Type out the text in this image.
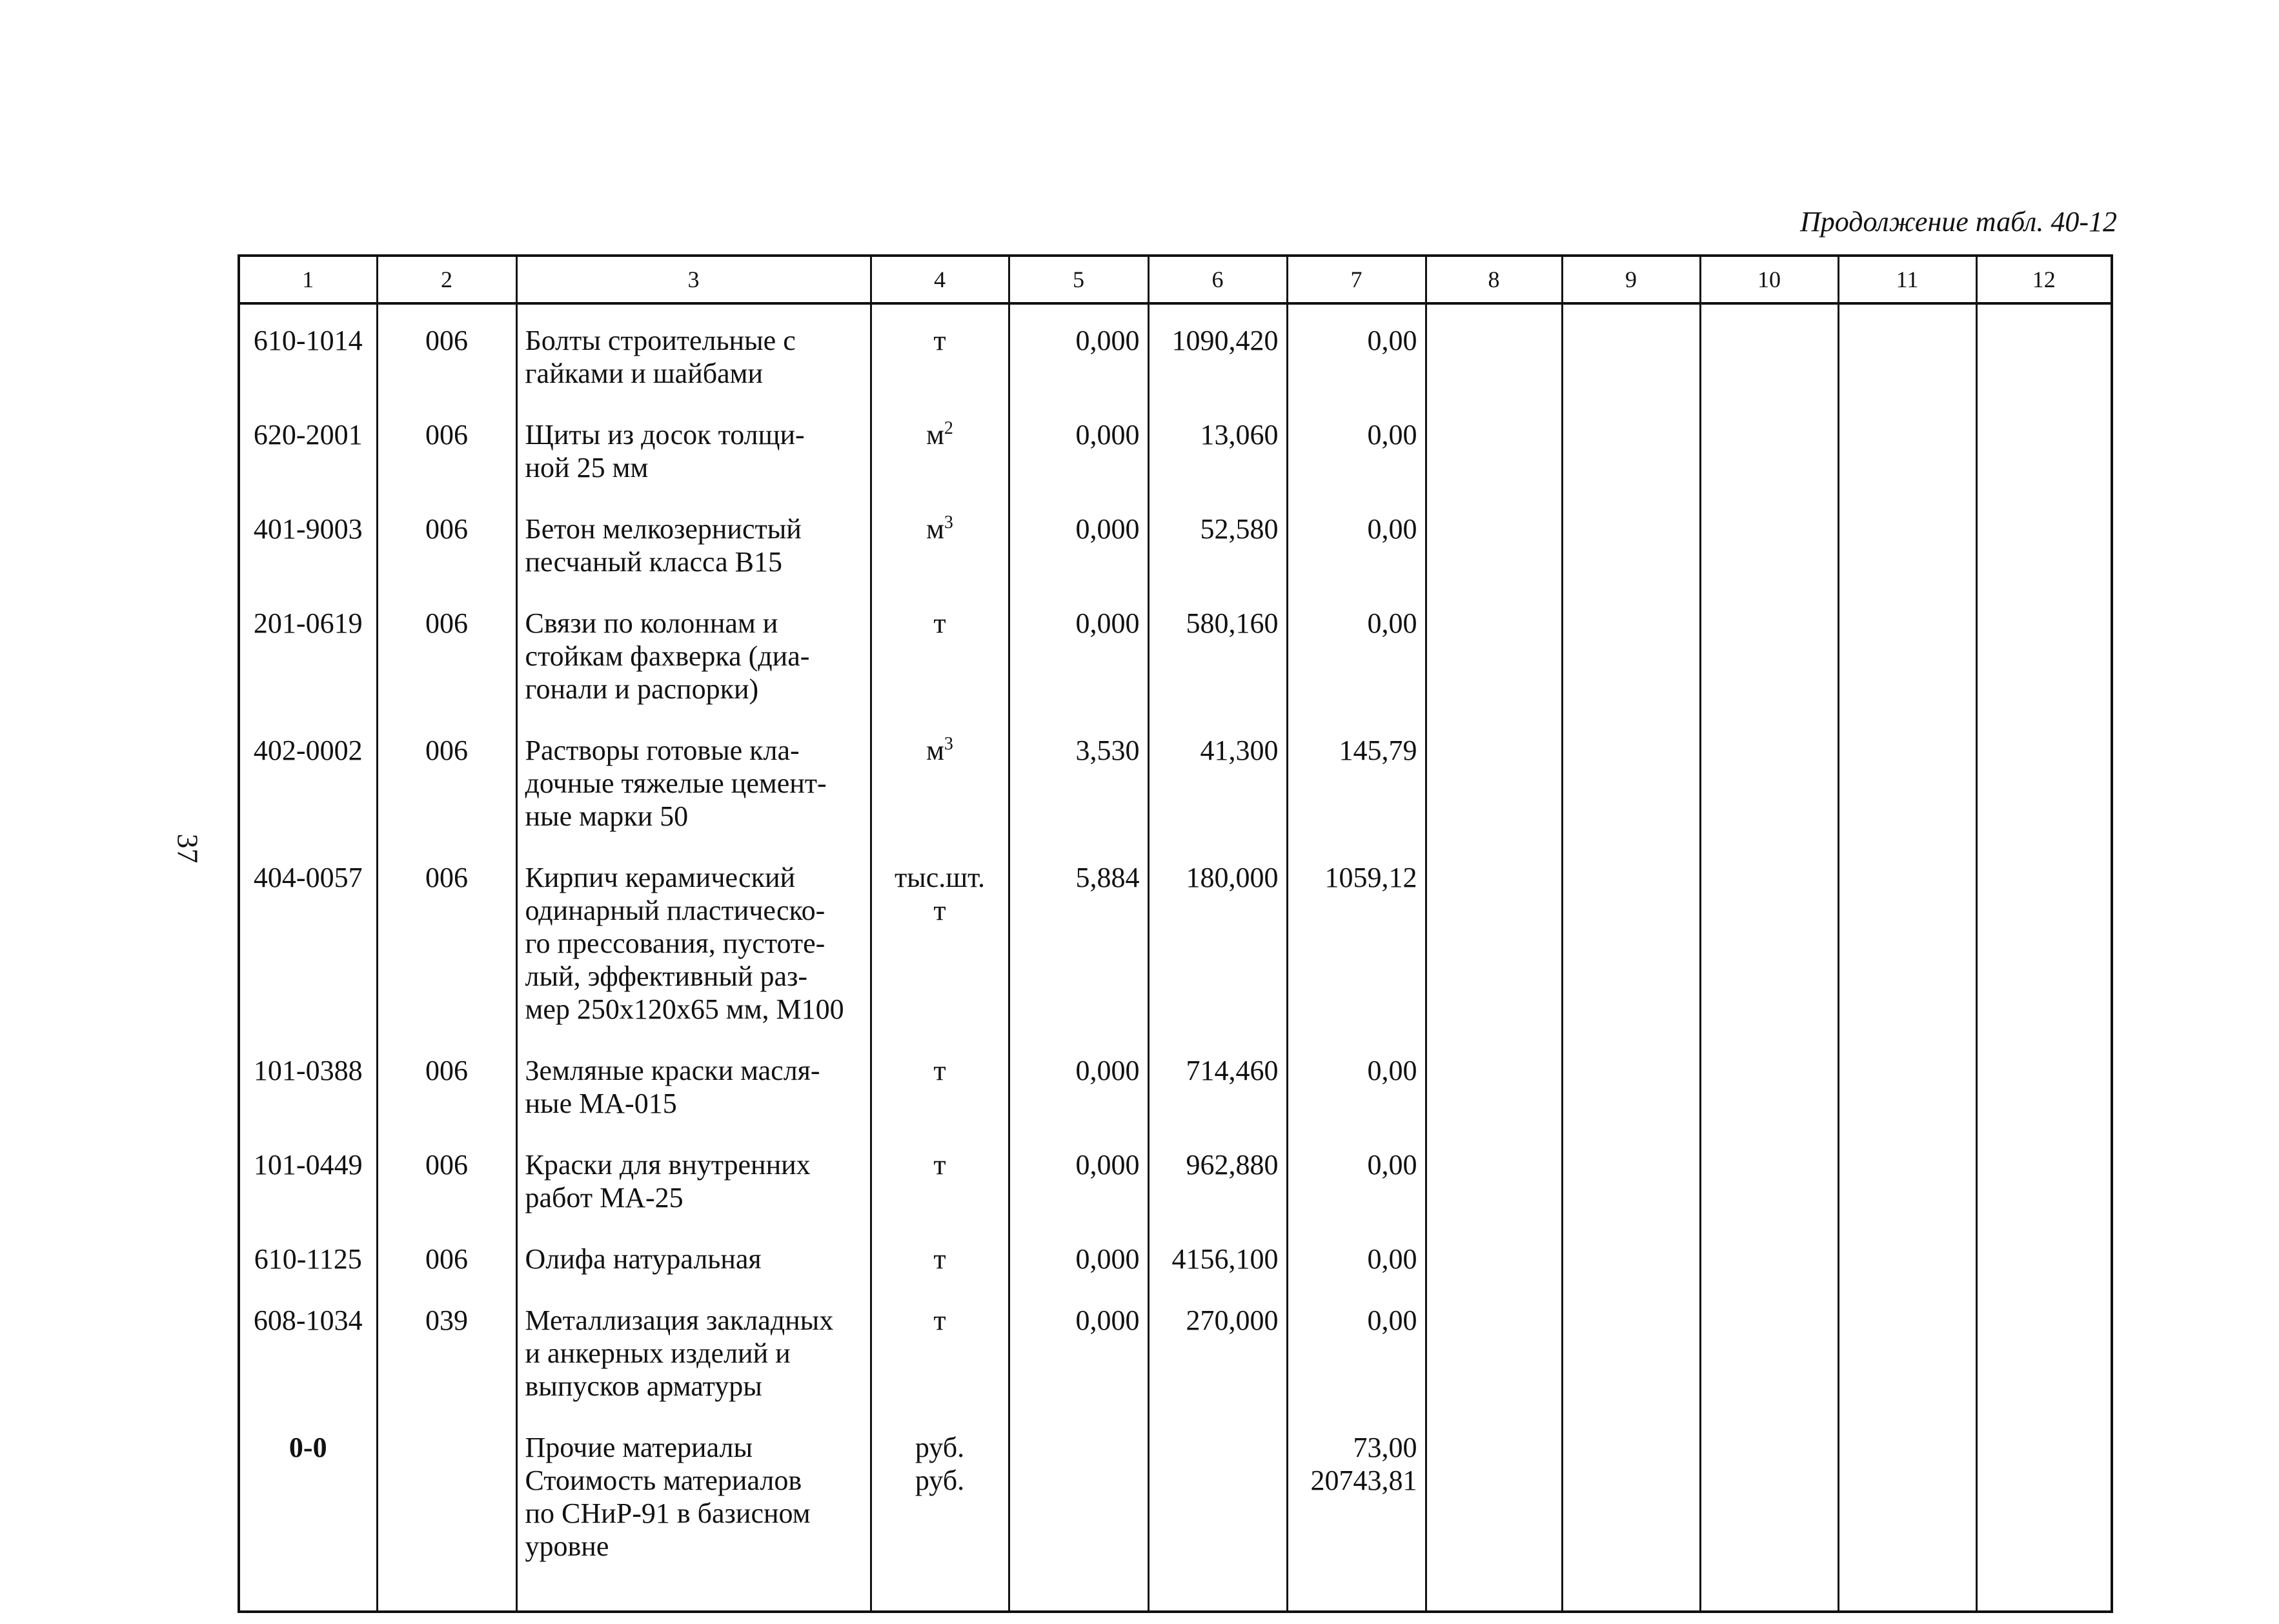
Продолжение табл. 40-12
37
1	2	3	4	5	6	7	8	9	10	11	12

610-1014	006	Болты строительные с
гайками и шайбами	т	0,000	1090,420	0,00					

620-2001	006	Щиты из досок толщи-
ной 25 мм	$м^2$	0,000	13,060	0,00					

401-9003	006	Бетон мелкозернистый
песчаный класса В15	$м^3$	0,000	52,580	0,00					

201-0619	006	Связи по колоннам и
стойкам фахверка (диа-
гонали и распорки)	т	0,000	580,160	0,00					

402-0002	006	Растворы готовые кла-
дочные тяжелые цемент-
ные марки 50	$м^3$	3,530	41,300	145,79					

404-0057	006	Кирпич керамический
одинарный пластическо-
го прессования, пустоте-
лый, эффективный раз-
мер 250x120x65 мм, М100	тыс.шт.
т	5,884	180,000	1059,12					

101-0388	006	Земляные краски масля-
ные МА-015	т	0,000	714,460	0,00					

101-0449	006	Краски для внутренних
работ МА-25	т	0,000	962,880	0,00					

610-1125	006	Олифа натуральная	т	0,000	4156,100	0,00					

608-1034	039	Металлизация закладных
и анкерных изделий и
выпусков арматуры	т	0,000	270,000	0,00					

0-0		Прочие материалы
Стоимость материалов
по СНиР-91 в базисном
уровне	руб.
руб.			73,00
20743,81					
